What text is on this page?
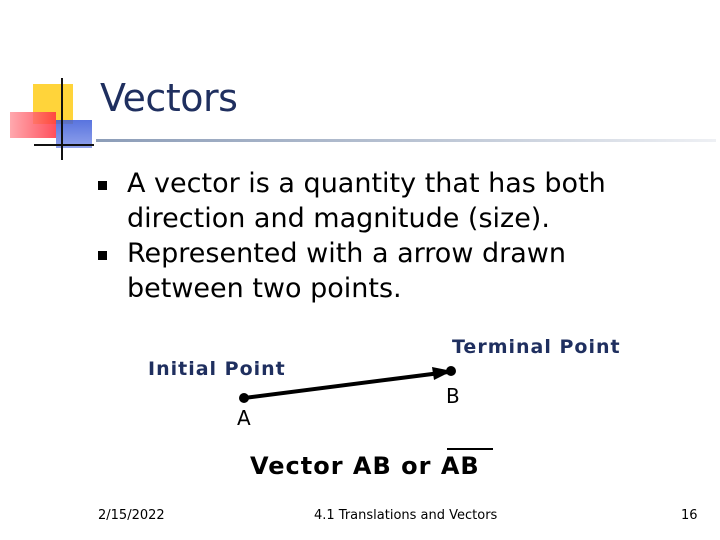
Vectors
A vector is a quantity that has both direction and magnitude (size).
Represented with a arrow drawn between two points.
Initial Point
Terminal Point
A
B
Vector AB or AB
2/15/2022	4.1 Translations and Vectors	16
